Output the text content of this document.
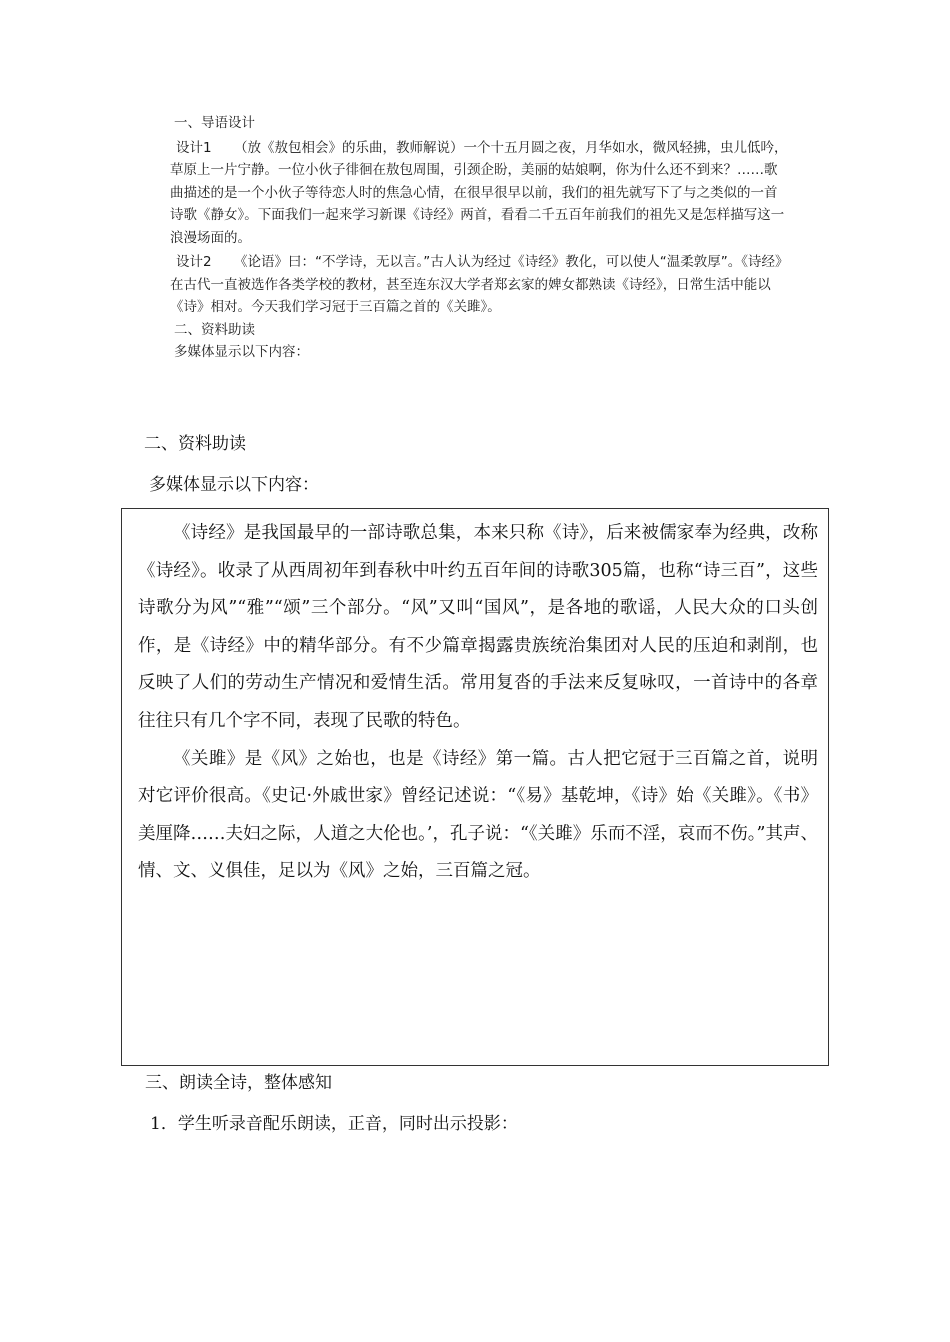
一、导语设计

设计1 （放《敖包相会》的乐曲，教师解说）一个十五月圆之夜，月华如水，微风轻拂，虫儿低吟，草原上一片宁静。一位小伙子徘徊在敖包周围，引颈企盼，美丽的姑娘啊，你为什么还不到来？……歌曲描述的是一个小伙子等待恋人时的焦急心情，在很早很早以前，我们的祖先就写下了与之类似的一首诗歌《静女》。下面我们一起来学习新课《诗经》两首，看看二千五百年前我们的祖先又是怎样描写这一浪漫场面的。

设计2 《论语》曰：“不学诗，无以言。”古人认为经过《诗经》教化，可以使人“温柔敦厚”。《诗经》在古代一直被选作各类学校的教材，甚至连东汉大学者郑玄家的婢女都熟读《诗经》，日常生活中能以《诗》相对。今天我们学习冠于三百篇之首的《关雎》。

二、资料助读

多媒体显示以下内容：

二、资料助读
多媒体显示以下内容：

《诗经》是我国最早的一部诗歌总集，本来只称《诗》，后来被儒家奉为经典，改称《诗经》。收录了从西周初年到春秋中叶约五百年间的诗歌305篇，也称“诗三百”，这些诗歌分为风”“雅”“颂”三个部分。“风”又叫“国风”，是各地的歌谣，人民大众的口头创作，是《诗经》中的精华部分。有不少篇章揭露贵族统治集团对人民的压迫和剥削，也反映了人们的劳动生产情况和爱情生活。常用复沓的手法来反复咏叹，一首诗中的各章往往只有几个字不同，表现了民歌的特色。

《关雎》是《风》之始也，也是《诗经》第一篇。古人把它冠于三百篇之首，说明对它评价很高。《史记·外戚世家》曾经记述说：“《易》基乾坤，《诗》始《关雎》。《书》美厘降……夫妇之际，人道之大伦也。’，孔子说：“《关雎》乐而不淫，哀而不伤。”其声、情、文、义俱佳，足以为《风》之始，三百篇之冠。

三、朗读全诗，整体感知
1．学生听录音配乐朗读，正音，同时出示投影：
